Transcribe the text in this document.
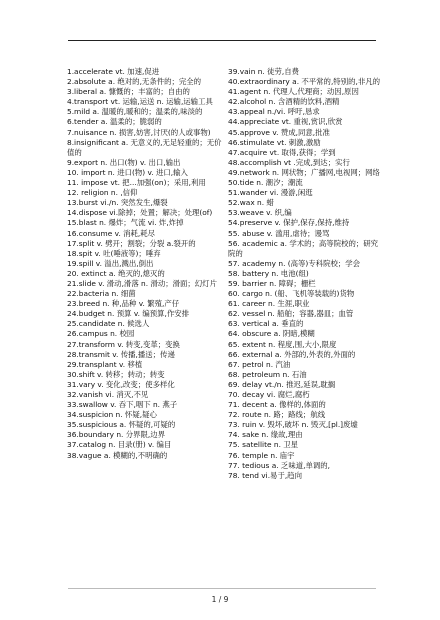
1.accelerate vt. 加速,促进

2.absolute a. 绝对的,无条件的；完全的

3.liberal a. 慷慨的；丰富的；自由的

4.transport vt. 运输,运送 n. 运输,运输工具

5.mild a. 温暖的,暖和的；温柔的,味淡的

6.tender a. 温柔的；脆弱的

7.nuisance n. 损害,妨害,讨厌(的人或事物)

8.insignificant a. 无意义的,无足轻重的；无价值的

9.export n. 出口(物) v. 出口,输出

10. import n. 进口(物) v. 进口,输入

11. impose vt. 把...加强(on)；采用,利用

12. religion n. ,信仰

13.burst vi./n. 突然发生,爆裂

14.dispose vi.除掉；处置；解决；处理(of)

15.blast n. 爆炸；气流 vi. 炸,炸掉

16.consume v. 消耗,耗尽

17.split v. 劈开；割裂；分裂 a.裂开的

18.spit v. 吐(唾液等)；唾弃

19.spill v. 溢出,溅出,倒出

20. extinct a. 绝灭的,熄灭的

21.slide v. 滑动,滑落 n. 滑动；滑面；幻灯片

22.bacteria n. 细菌

23.breed n. 种,品种 v. 繁殖,产仔

24.budget n. 预算 v. 编预算,作安排

25.candidate n. 候选人

26.campus n. 校园

27.transform v. 转变,变革；变换

28.transmit v. 传播,播送；传递

29.transplant v. 移植

30.shift v. 转移；转动；转变

31.vary v. 变化,改变；使多样化

32.vanish vi. 消灭,不见

33.swallow v. 吞下,咽下 n. 燕子

34.suspicion n. 怀疑,疑心

35.suspicious a. 怀疑的,可疑的

36.boundary n. 分界限,边界

37.catalog n. 目录(册) v. 编目

38.vague a. 模糊的,不明确的

39.vain n. 徒劳,自费

40.extraordinary a. 不平常的,特别的,非凡的

41.agent n. 代理人,代理商；动因,原因

42.alcohol n. 含酒精的饮料,酒精

43.appeal n./vi. 呼吁,恳求

44.appreciate vt. 重视,赏识,欣赏

45.approve v. 赞成,同意,批准

46.stimulate vt. 刺激,激励

47.acquire vt. 取得,获得；学到

48.accomplish vt .完成,到达；实行

49.network n. 网状物；广播网,电视网；网络

50.tide n. 潮汐；潮流

51.wander vi. 漫游,闲逛

52.wax n. 蜡

53.weave v. 织,编

54.preserve v. 保护,保存,保持,维持

55. abuse v. 滥用,虐待；谩骂

56. academic a. 学术的；高等院校的；研究院的

57. academy n. (高等)专科院校；学会

58. battery n. 电池(组)

59. barrier n. 障碍；栅栏

60. cargo n. (船、飞机等装载的)货物

61. career n. 生涯,职业

62. vessel n. 船舶；容器,器皿；血管

63. vertical a. 垂直的

64. obscure a. 阴暗,模糊

65. extent n. 程度,围,大小,限度

66. external a. 外部的,外表的,外面的

67. petrol n. 汽油

68. petroleum n. 石油

69. delay vt./n. 推迟,延误,耽搁

70. decay vi. 腐烂,腐朽

71. decent a. 像样的,体面的

72. route n. 路；路线；航线

73. ruin v. 毁坏,破坏 n. 毁灭,[pl.]废墟

74. sake n. 缘故,理由

75. satellite n. 卫星

76. temple n. 庙宇

77. tedious a. 乏味道,单调的,

78. tend vi.易于,趋向

1 / 9
